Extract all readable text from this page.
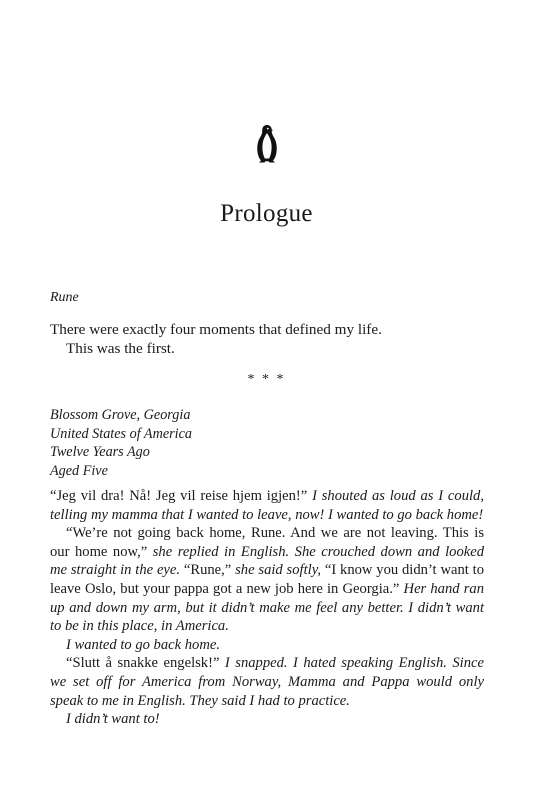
Prologue
Rune

There were exactly four moments that defined my life.

This was the first.

* * *
Blossom Grove, Georgia
United States of America
Twelve Years Ago
Aged Five

“Jeg vil dra! Nå! Jeg vil reise hjem igjen!” I shouted as loud as I could, telling my mamma that I wanted to leave, now! I wanted to go back home!

“We’re not going back home, Rune. And we are not leaving. This is our home now,” she replied in English. She crouched down and looked me straight in the eye. “Rune,” she said softly, “I know you didn’t want to leave Oslo, but your pappa got a new job here in Georgia.” Her hand ran up and down my arm, but it didn’t make me feel any better. I didn’t want to be in this place, in America.

I wanted to go back home.

“Slutt å snakke engelsk!” I snapped. I hated speaking English. Since we set off for America from Norway, Mamma and Pappa would only speak to me in English. They said I had to practice.

I didn’t want to!
